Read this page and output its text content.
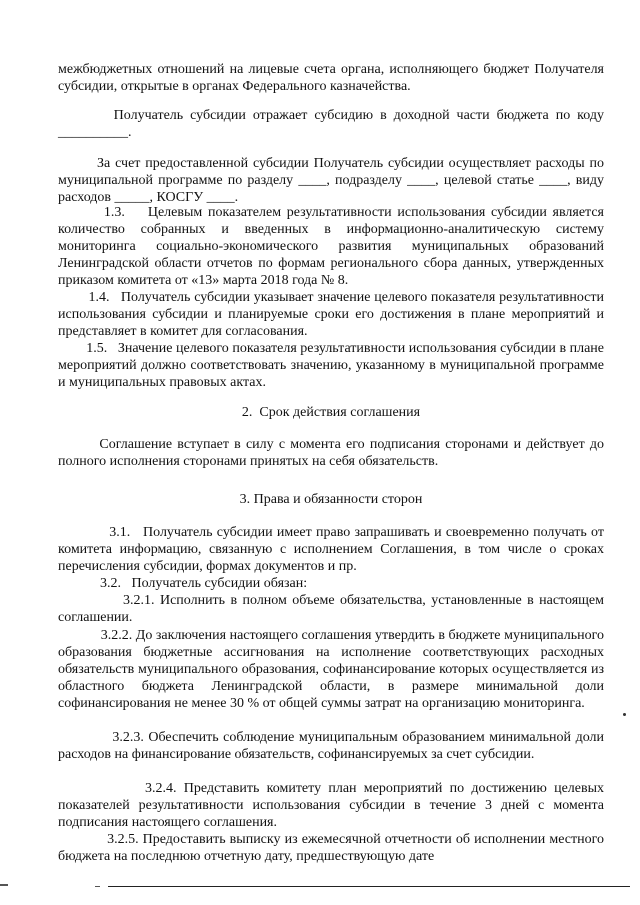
межбюджетных отношений на лицевые счета органа, исполняющего бюджет Получателя субсидии, открытые в органах Федерального казначейства.

Получатель субсидии отражает субсидию в доходной части бюджета по коду __________.

За счет предоставленной субсидии Получатель субсидии осуществляет расходы по муниципальной программе по разделу ____, подразделу ____, целевой статье ____, виду расходов _____, КОСГУ ____.

1.3.    Целевым показателем результативности использования субсидии является количество собранных и введенных в информационно-аналитическую систему мониторинга социально-экономического развития муниципальных образований Ленинградской области отчетов по формам регионального сбора данных, утвержденных приказом комитета от «13» марта 2018 года № 8.

1.4.   Получатель субсидии указывает значение целевого показателя результативности использования субсидии и планируемые сроки его достижения в плане мероприятий и представляет в комитет для согласования.

1.5.   Значение целевого показателя результативности использования субсидии в плане мероприятий должно соответствовать значению, указанному в муниципальной программе и муниципальных правовых актах.

2.  Срок действия соглашения

Соглашение вступает в силу с момента его подписания сторонами и действует до полного исполнения сторонами принятых на себя обязательств.

3. Права и обязанности сторон

3.1.   Получатель субсидии имеет право запрашивать и своевременно получать от комитета информацию, связанную с исполнением Соглашения, в том числе о сроках перечисления субсидии, формах документов и пр.

3.2.   Получатель субсидии обязан:

3.2.1. Исполнить в полном объеме обязательства, установленные в настоящем соглашении.

3.2.2. До заключения настоящего соглашения утвердить в бюджете муниципального образования бюджетные ассигнования на исполнение соответствующих расходных обязательств муниципального образования, софинансирование которых осуществляется из областного бюджета Ленинградской области, в размере минимальной доли софинансирования не менее 30 % от общей суммы затрат на организацию мониторинга.

3.2.3. Обеспечить соблюдение муниципальным образованием минимальной доли расходов на финансирование обязательств, софинансируемых за счет субсидии.

3.2.4. Представить комитету план мероприятий по достижению целевых показателей результативности использования субсидии в течение 3 дней с момента подписания настоящего соглашения.

3.2.5. Предоставить выписку из ежемесячной отчетности об исполнении местного бюджета на последнюю отчетную дату, предшествующую дате
